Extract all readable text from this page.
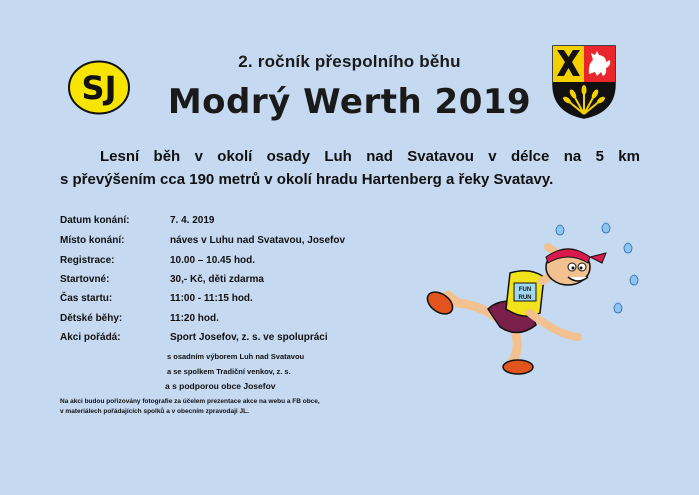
SJ
2. ročník přespolního běhu
Modrý Werth 2019
Lesní běh v okolí osady Luh nad Svatavou v délce na 5 km
s převýšením cca 190 metrů v okolí hradu Hartenberg a řeky Svatavy.
Datum konání:	7. 4. 2019
Místo konání:	náves v Luhu nad Svatavou, Josefov
Registrace:	10.00 – 10.45 hod.
Startovné:	30,- Kč, děti zdarma
Čas startu:	11:00 - 11:15 hod.
Dětské běhy:	11:20 hod.
Akci pořádá:	Sport Josefov, z. s. ve spolupráci
s osadním výborem Luh nad Svatavou
a se spolkem Tradiční venkov, z. s.
a s podporou obce Josefov
Na akci budou pořizovány fotografie za účelem prezentace akce na webu a FB obce,
v materiálech pořádajících spolků a v obecním zpravodaji JL.
FUN
RUN
